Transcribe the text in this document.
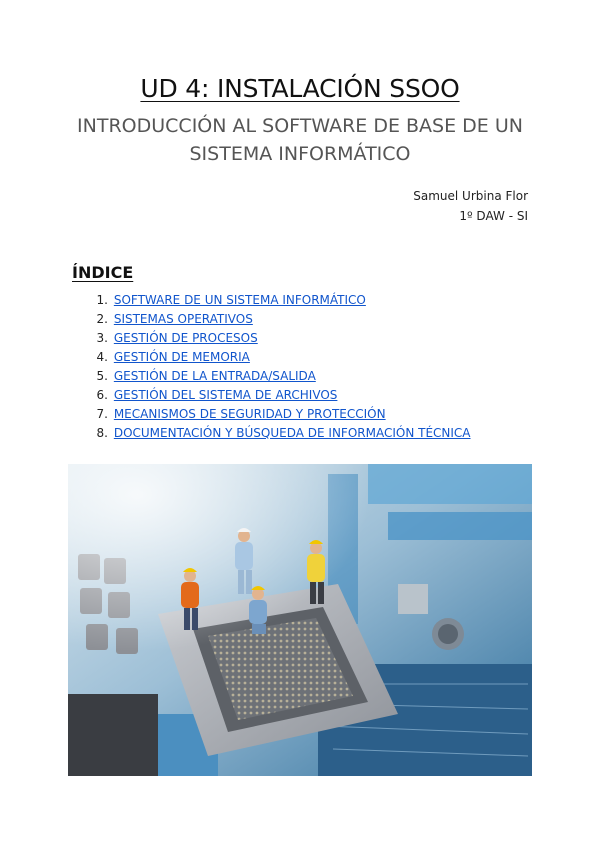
UD 4: INSTALACIÓN SSOO
INTRODUCCIÓN AL SOFTWARE DE BASE DE UN SISTEMA INFORMÁTICO
Samuel Urbina Flor
1º DAW - SI
ÍNDICE
1. SOFTWARE DE UN SISTEMA INFORMÁTICO
2. SISTEMAS OPERATIVOS
3. GESTIÓN DE PROCESOS
4. GESTIÓN DE MEMORIA
5. GESTIÓN DE LA ENTRADA/SALIDA
6. GESTIÓN DEL SISTEMA DE ARCHIVOS
7. MECANISMOS DE SEGURIDAD Y PROTECCIÓN
8. DOCUMENTACIÓN Y BÚSQUEDA DE INFORMACIÓN TÉCNICA
